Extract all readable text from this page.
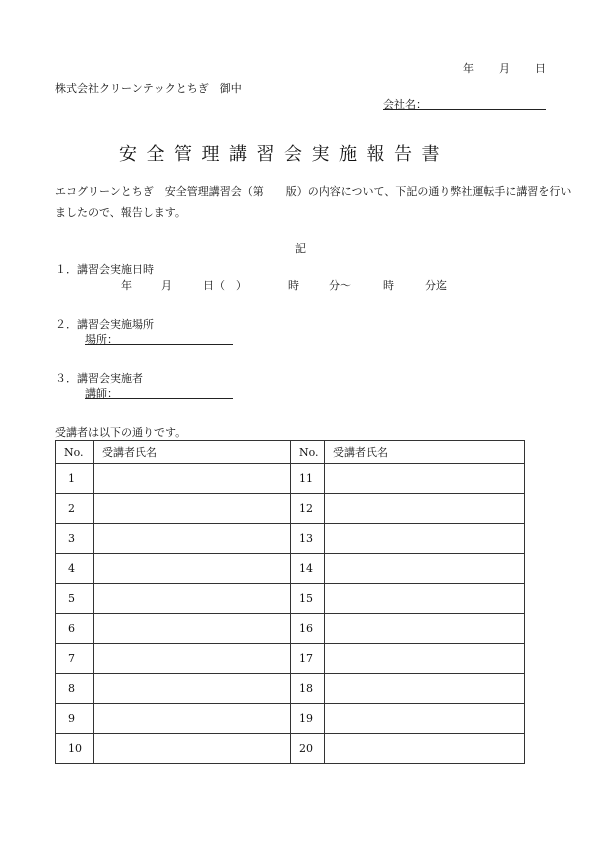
年 月 日
株式会社クリーンテックとちぎ　御中
会社名：
安全管理講習会実施報告書
エコグリーンとちぎ　安全管理講習会（第　　版）の内容について、下記の通り弊社運転手に講習を行い
ましたので、報告します。
記
１．講習会実施日時
年	月	日（　）	時	分～	時	分迄
２．講習会実施場所
場所：
３．講習会実施者
講師：
受講者は以下の通りです。
No.	受講者氏名	No.	受講者氏名
1		11	
2		12	
3		13	
4		14	
5		15	
6		16	
7		17	
8		18	
9		19	
10		20	
